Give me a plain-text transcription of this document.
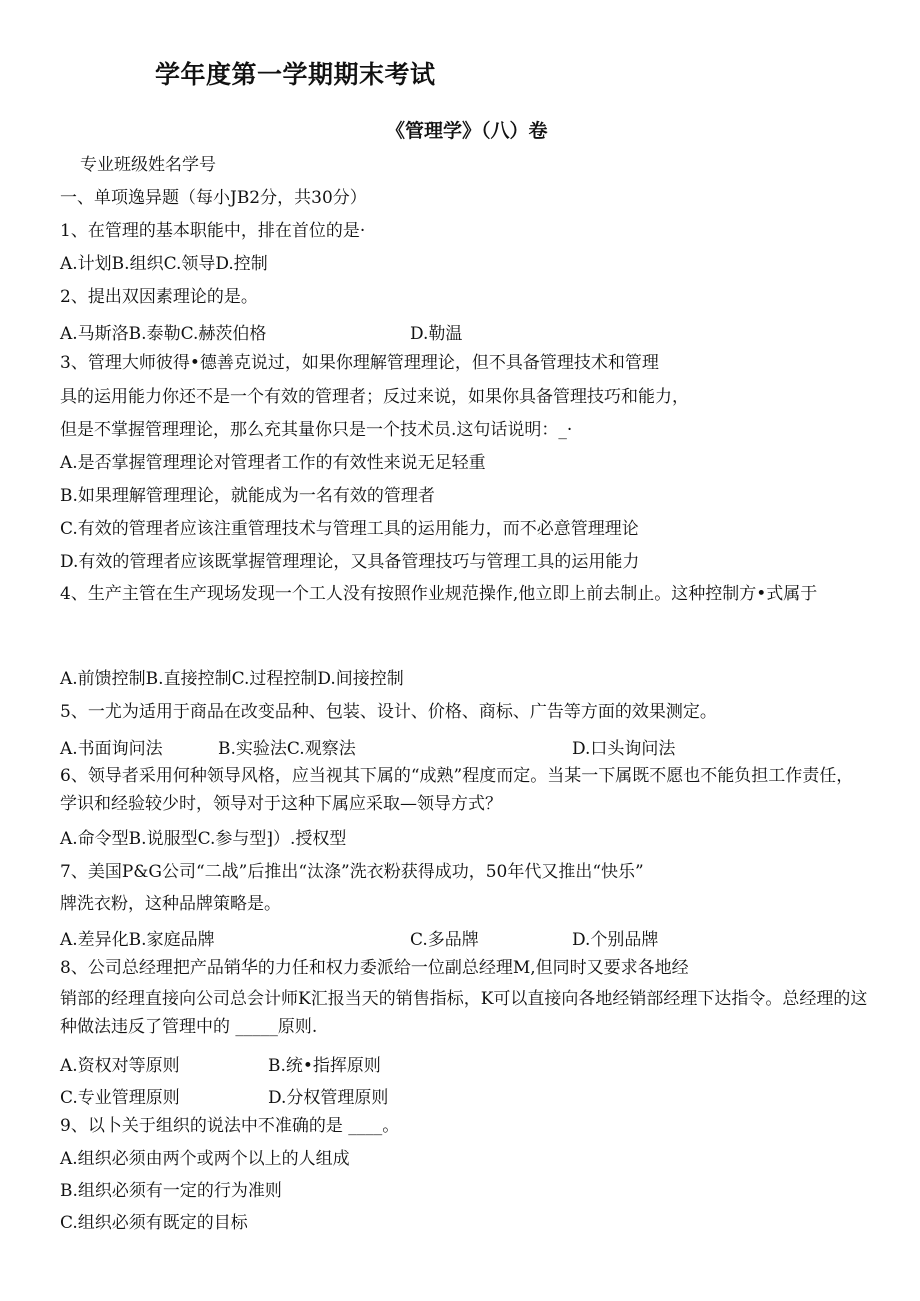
学年度第一学期期末考试
《管理学》（八）卷
专业班级姓名学号
一、单项逸异题（每小JB2分，共30分）
1、在管理的基本职能中，排在首位的是·
A.计划B.组织C.领导D.控制
2、提出双因素理论的是。
A.马斯洛B.泰勒C.赫茨伯格	D.勒温
3、管理大师彼得•德善克说过，如果你理解管理理论，但不具备管理技术和管理
具的运用能力你还不是一个有效的管理者；反过来说，如果你具备管理技巧和能力，
但是不掌握管理理论，那么充其量你只是一个技术员.这句话说明：_·
A.是否掌握管理理论对管理者工作的有效性来说无足轻重
B.如果理解管理理论，就能成为一名有效的管理者
C.有效的管理者应该注重管理技术与管理工具的运用能力，而不必意管理理论
D.有效的管理者应该既掌握管理理论，又具备管理技巧与管理工具的运用能力
4、生产主管在生产现场发现一个工人没有按照作业规范操作,他立即上前去制止。这种控制方•式属于
A.前馈控制B.直接控制C.过程控制D.间接控制
5、一尤为适用于商品在改变品种、包装、设计、价格、商标、广告等方面的效果测定。
A.书面询问法	B.实验法C.观察法	D.口头询问法
6、领导者采用何种领导风格，应当视其下属的“成熟”程度而定。当某一下属既不愿也不能负担工作责任，学识和经验较少时，领导对于这种下属应采取—领导方式？
A.命令型B.说服型C.参与型⁆）.授权型
7、美国P&G公司“二战”后推出“汰涤”洗衣粉获得成功，50年代又推出“快乐”
牌洗衣粉，这种品牌策略是。
A.差异化B.家庭品牌	C.多品牌	D.个别品牌
8、公司总经理把产品销华的力任和权力委派给一位副总经理M,但同时又要求各地经
销部的经理直接向公司总会计师K汇报当天的销售指标，K可以直接向各地经销部经理下达指令。总经理的这种做法违反了管理中的 _____原则.
A.资权对等原则	B.统•指挥原则
C.专业管理原则	D.分权管理原则
9、以卜关于组织的说法中不准确的是 ____。
A.组织必须由两个或两个以上的人组成
B.组织必须有一定的行为准则
C.组织必须有既定的目标
